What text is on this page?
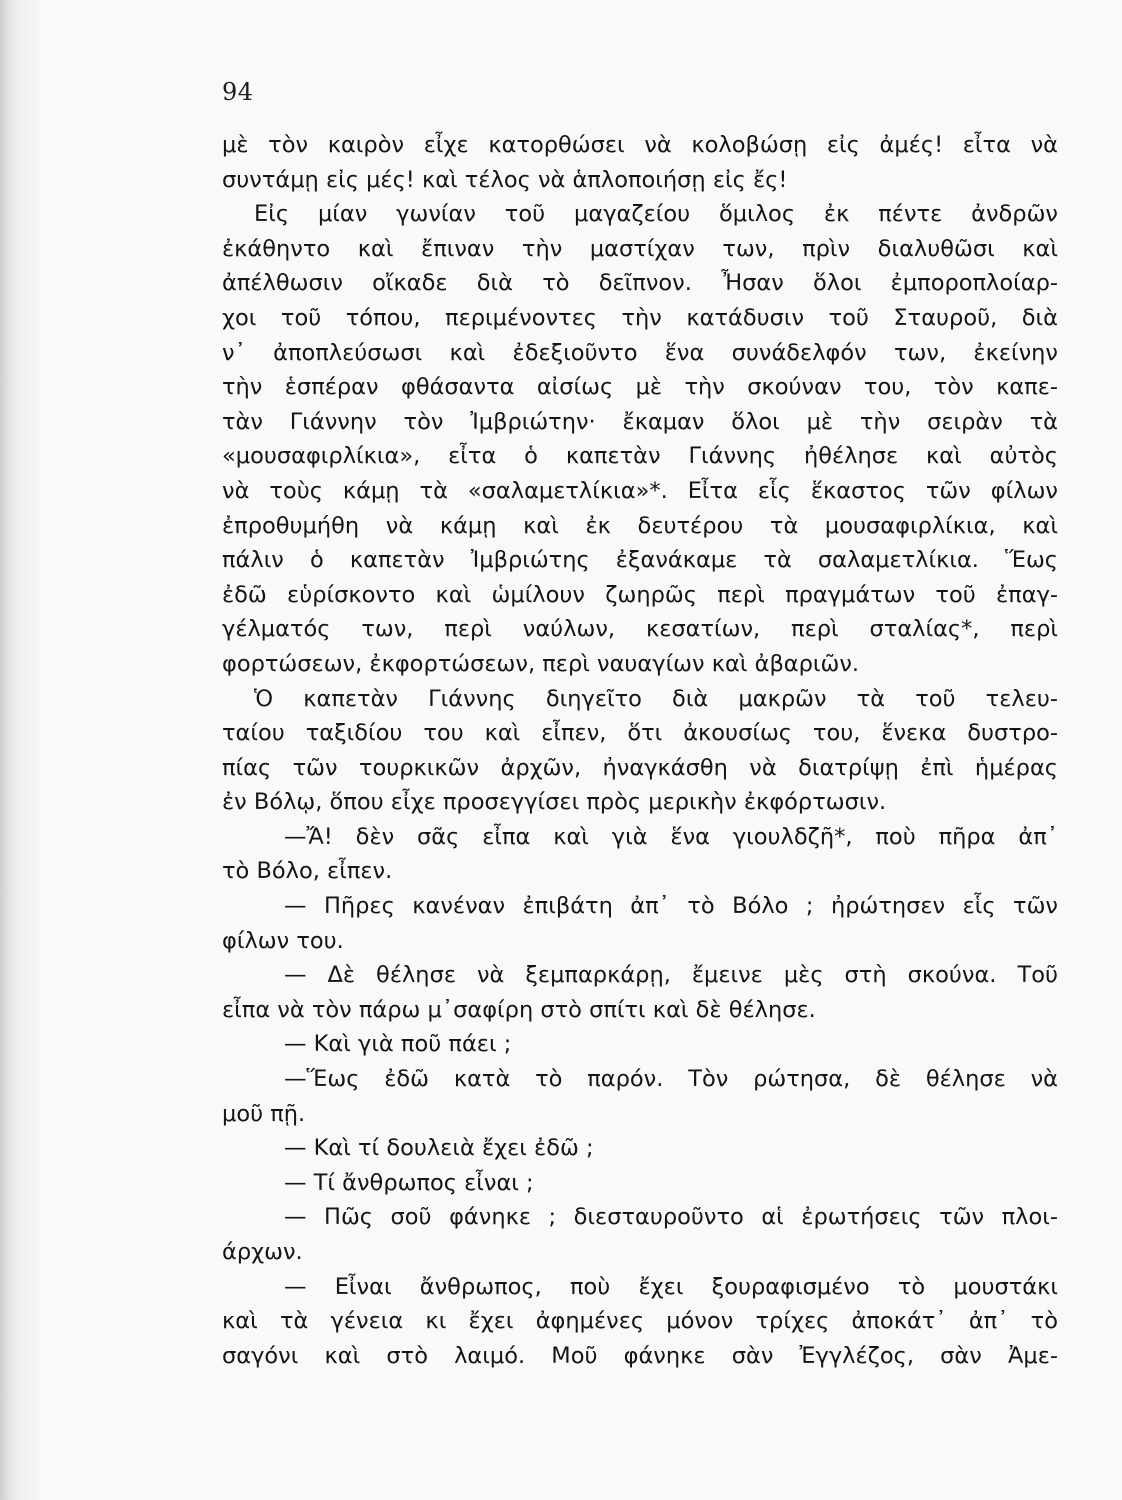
94
μὲ τὸν καιρὸν εἶχε κατορθώσει νὰ κολοβώσῃ εἰς ἀμές! εἶτα νὰ
συντάμῃ εἰς μές! καὶ τέλος νὰ ἁπλοποιήσῃ εἰς ἔς!
Εἰς μίαν γωνίαν τοῦ μαγαζείου ὅμιλος ἐκ πέντε ἀνδρῶν
ἐκάθηντο καὶ ἔπιναν τὴν μαστίχαν των, πρὶν διαλυθῶσι καὶ
ἀπέλθωσιν οἴκαδε διὰ τὸ δεῖπνον. Ἦσαν ὅλοι ἐμποροπλοίαρ-
χοι τοῦ τόπου, περιμένοντες τὴν κατάδυσιν τοῦ Σταυροῦ, διὰ
ν᾽ ἀποπλεύσωσι καὶ ἐδεξιοῦντο ἕνα συνάδελφόν των, ἐκείνην
τὴν ἑσπέραν φθάσαντα αἰσίως μὲ τὴν σκούναν του, τὸν καπε-
τὰν Γιάννην τὸν Ἰμβριώτην· ἔκαμαν ὅλοι μὲ τὴν σειρὰν τὰ
«μουσαφιρλίκια», εἶτα ὁ καπετὰν Γιάννης ἠθέλησε καὶ αὐτὸς
νὰ τοὺς κάμῃ τὰ «σαλαμετλίκια»*. Εἶτα εἷς ἕκαστος τῶν φίλων
ἐπροθυμήθη νὰ κάμῃ καὶ ἐκ δευτέρου τὰ μουσαφιρλίκια, καὶ
πάλιν ὁ καπετὰν Ἰμβριώτης ἐξανάκαμε τὰ σαλαμετλίκια. Ἕως
ἐδῶ εὑρίσκοντο καὶ ὡμίλουν ζωηρῶς περὶ πραγμάτων τοῦ ἐπαγ-
γέλματός των, περὶ ναύλων, κεσατίων, περὶ σταλίας*, περὶ
φορτώσεων, ἐκφορτώσεων, περὶ ναυαγίων καὶ ἀβαριῶν.
Ὁ καπετὰν Γιάννης διηγεῖτο διὰ μακρῶν τὰ τοῦ τελευ-
ταίου ταξιδίου του καὶ εἶπεν, ὅτι ἀκουσίως του, ἕνεκα δυστρο-
πίας τῶν τουρκικῶν ἀρχῶν, ἠναγκάσθη νὰ διατρίψῃ ἐπὶ ἡμέρας
ἐν Βόλῳ, ὅπου εἶχε προσεγγίσει πρὸς μερικὴν ἐκφόρτωσιν.
—Ἄ! δὲν σᾶς εἶπα καὶ γιὰ ἕνα γιουλδζῆ*, ποὺ πῆρα ἀπ᾽
τὸ Βόλο, εἶπεν.
— Πῆρες κανέναν ἐπιβάτη ἀπ᾽ τὸ Βόλο ; ἠρώτησεν εἷς τῶν
φίλων του.
— Δὲ θέλησε νὰ ξεμπαρκάρῃ, ἔμεινε μὲς στὴ σκούνα. Τοῦ
εἶπα νὰ τὸν πάρω μ᾽σαφίρη στὸ σπίτι καὶ δὲ θέλησε.
— Καὶ γιὰ ποῦ πάει ;
—Ἕως ἐδῶ κατὰ τὸ παρόν. Τὸν ρώτησα, δὲ θέλησε νὰ
μοῦ πῇ.
— Καὶ τί δουλειὰ ἔχει ἐδῶ ;
— Τί ἄνθρωπος εἶναι ;
— Πῶς σοῦ φάνηκε ; διεσταυροῦντο αἱ ἐρωτήσεις τῶν πλοι-
άρχων.
— Εἶναι ἄνθρωπος, ποὺ ἔχει ξουραφισμένο τὸ μουστάκι
καὶ τὰ γένεια κι ἔχει ἀφημένες μόνον τρίχες ἀποκάτ᾽ ἀπ᾽ τὸ
σαγόνι καὶ στὸ λαιμό. Μοῦ φάνηκε σὰν Ἐγγλέζος, σὰν Ἀμε-
